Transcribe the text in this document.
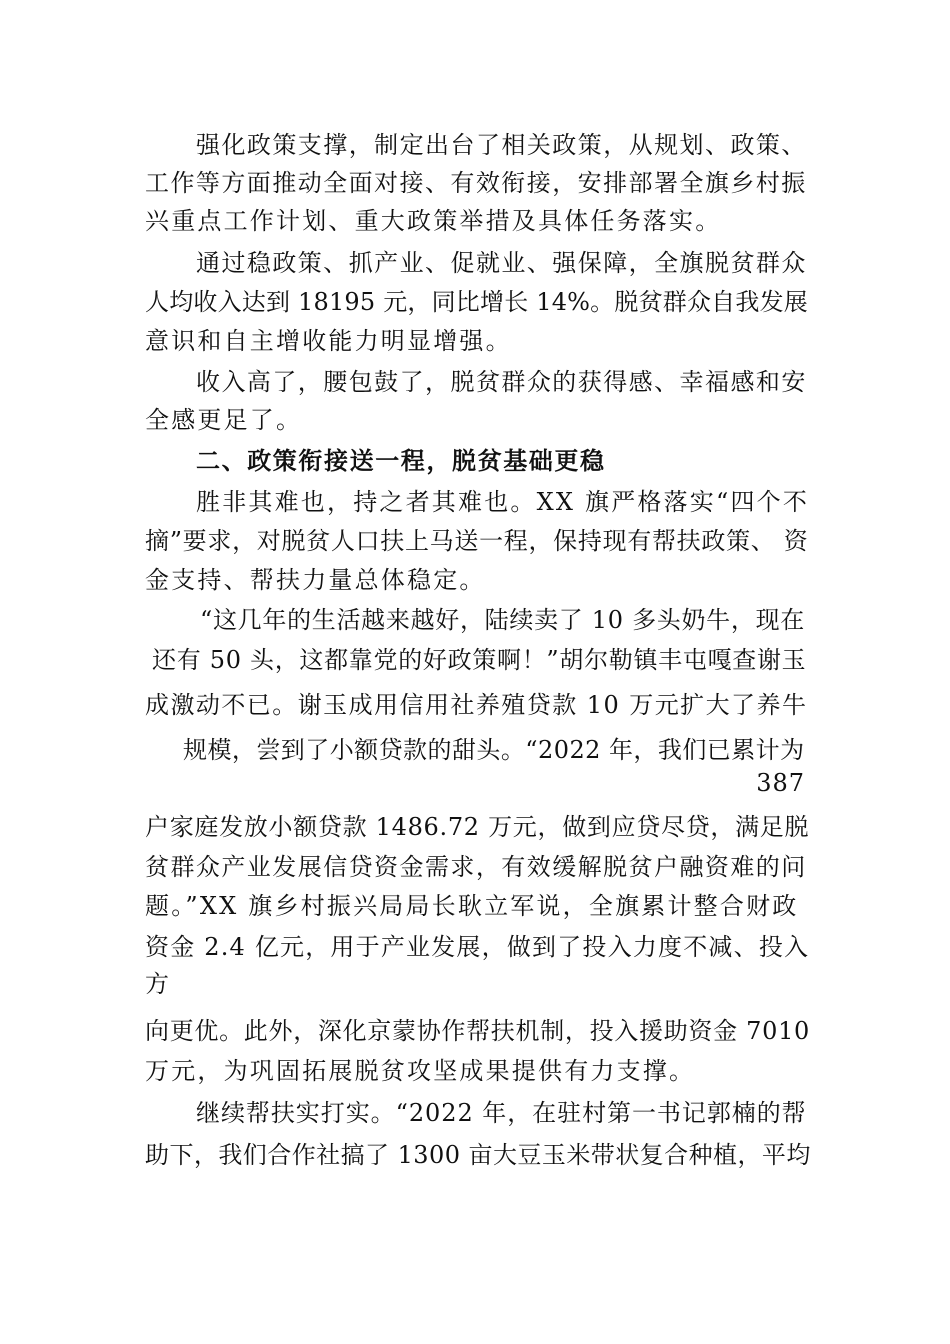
强化政策支撑，制定出台了相关政策，从规划、政策、
工作等方面推动全面对接、有效衔接，安排部署全旗乡村振
兴重点工作计划、重大政策举措及具体任务落实。
通过稳政策、抓产业、促就业、强保障，全旗脱贫群众
人均收入达到 18195 元，同比增长 14%。脱贫群众自我发展
意识和自主增收能力明显增强。
收入高了，腰包鼓了，脱贫群众的获得感、幸福感和安
全感更足了。
二、政策衔接送一程，脱贫基础更稳
胜非其难也，持之者其难也。XX 旗严格落实“四个不
摘”要求，对脱贫人口扶上马送一程，保持现有帮扶政策、 资
金支持、帮扶力量总体稳定。
“这几年的生活越来越好，陆续卖了 10 多头奶牛，现在
还有 50 头，这都靠党的好政策啊！”胡尔勒镇丰屯嘎查谢玉
成激动不已。谢玉成用信用社养殖贷款 10 万元扩大了养牛
规模，尝到了小额贷款的甜头。“2022 年，我们已累计为
387
户家庭发放小额贷款 1486.72 万元，做到应贷尽贷，满足脱
贫群众产业发展信贷资金需求，有效缓解脱贫户融资难的问
题。”XX 旗乡村振兴局局长耿立军说，全旗累计整合财政
资金 2.4 亿元，用于产业发展，做到了投入力度不减、投入
方
向更优。此外，深化京蒙协作帮扶机制，投入援助资金 7010
万元，为巩固拓展脱贫攻坚成果提供有力支撑。
继续帮扶实打实。“2022 年，在驻村第一书记郭楠的帮
助下，我们合作社搞了 1300 亩大豆玉米带状复合种植，平均
